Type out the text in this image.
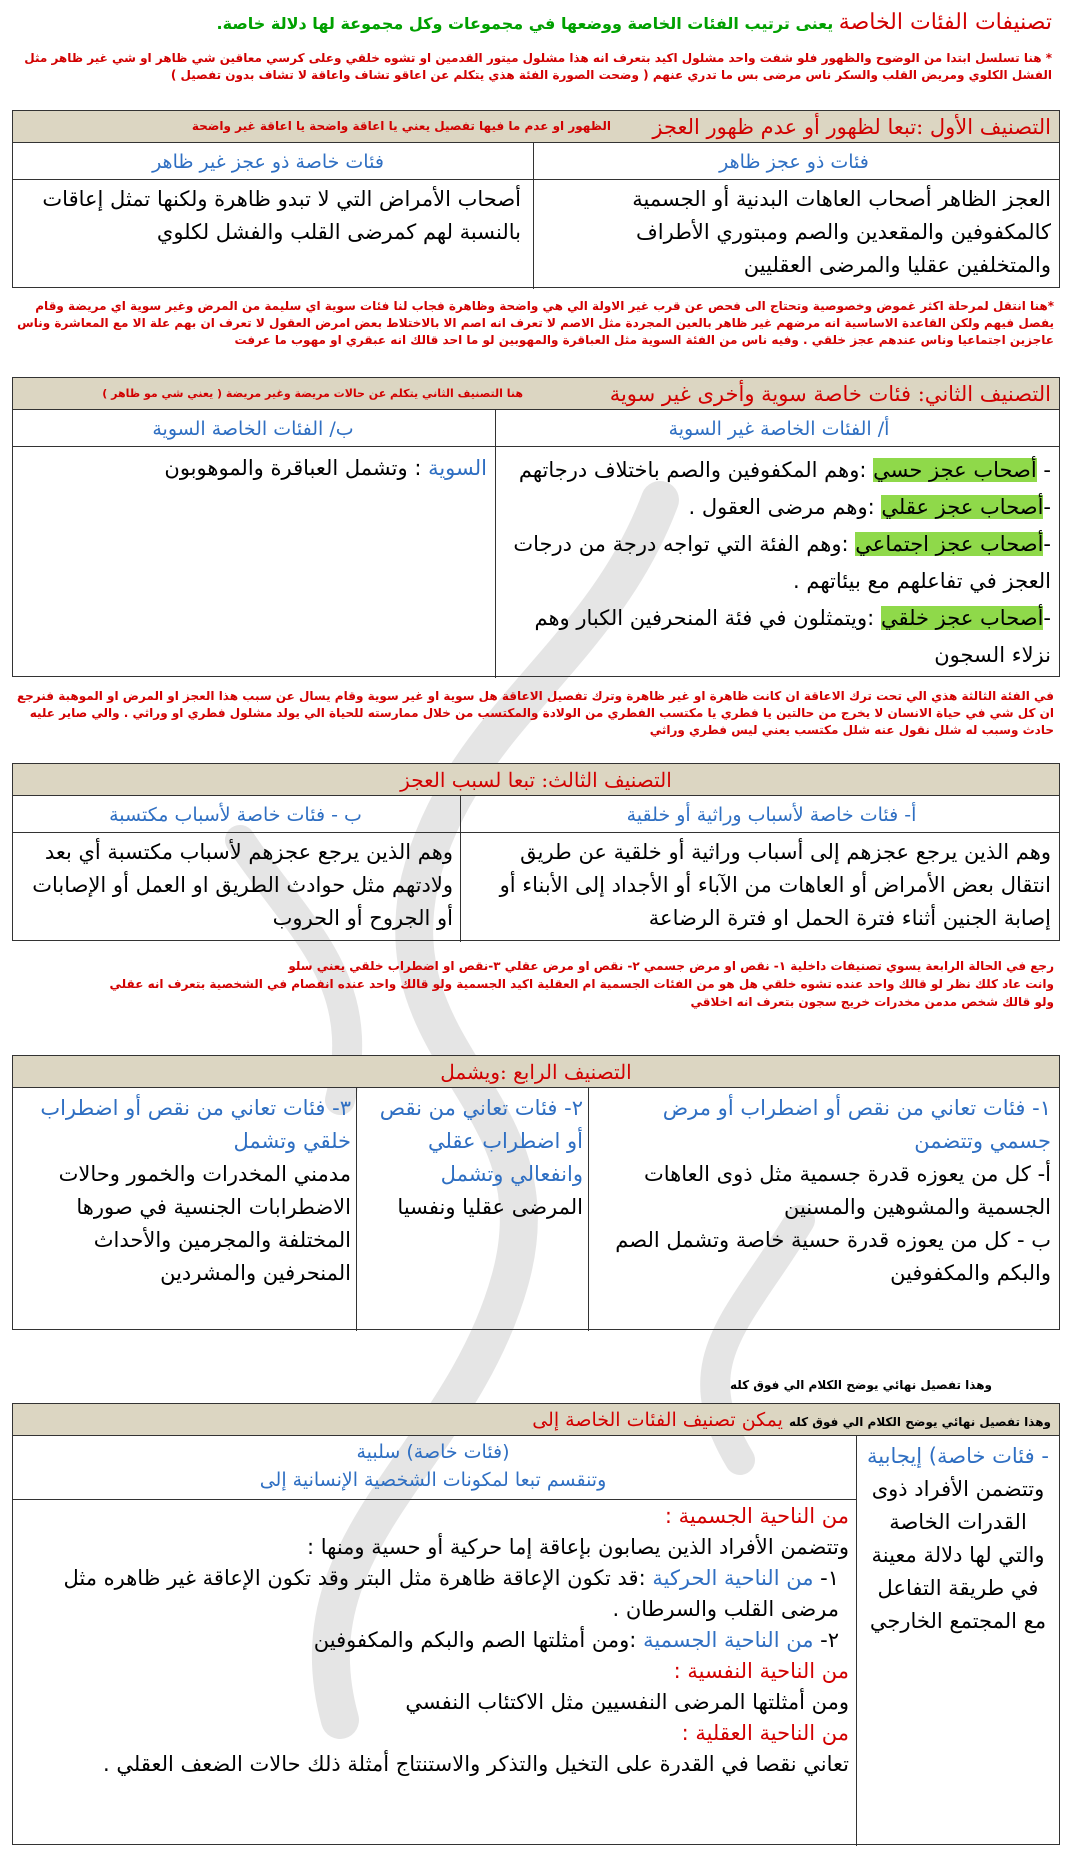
تصنيفات الفئات الخاصة يعنى ترتيب الفئات الخاصة ووضعها في مجموعات وكل مجموعة لها دلالة خاصة.
* هنا تسلسل ابتدا من الوضوح والظهور فلو شفت واحد مشلول اكيد بتعرف انه هذا مشلول ميتور القدمين او تشوه خلقي وعلى كرسي معاقين شي ظاهر او شي غير ظاهر مثل الفشل الكلوي ومريض القلب والسكر ناس مرضى بس ما تدري عنهم ( وضحت الصورة الفئة هذي يتكلم عن اعاقو تشاف واعاقة لا تشاف بدون تفصيل )
التصنيف الأول :تبعا لظهور أو عدم ظهور العجز
الظهور او عدم ما فيها تفصيل يعني يا اعاقة واضحة يا اعاقة غير واضحة
فئات ذو عجز ظاهر
فئات خاصة ذو عجز غير ظاهر
العجز الظاهر أصحاب العاهات البدنية أو الجسمية كالمكفوفين والمقعدين والصم ومبتوري الأطراف والمتخلفين عقليا والمرضى العقليين
أصحاب الأمراض التي لا تبدو ظاهرة ولكنها تمثل إعاقات بالنسبة لهم كمرضى القلب والفشل لكلوي
*هنا انتقل لمرحلة اكثر غموض وخصوصية وتحتاج الى فحص عن قرب غير الاولة الي هي واضحة وظاهرة فجاب لنا فئات سوية اي سليمة من المرض وغير سوية اي مريضة وقام يفصل فيهم ولكن القاعدة الاساسية انه مرضهم غير ظاهر بالعين المجردة مثل الاصم لا تعرف انه اصم الا بالاختلاط بعض امرض العقول لا تعرف ان بهم علة الا مع المعاشرة وناس عاجزين اجتماعيا وناس عندهم عجز خلقي . وفيه ناس من الفئة السوية مثل العباقرة والمهوبين لو ما احد قالك انه عبقري او مهوب ما عرفت
التصنيف الثاني: فئات خاصة سوية وأخرى غير سوية
هنا التصنيف الثاني يتكلم عن حالات مريضة وغير مريضة ( يعني شي مو ظاهر )
أ/ الفئات الخاصة غير السوية
ب/ الفئات الخاصة السوية
- أصحاب عجز حسي :وهم المكفوفين والصم باختلاف درجاتهم
-أصحاب عجز عقلي :وهم مرضى العقول .
-أصحاب عجز اجتماعي :وهم الفئة التي تواجه درجة من درجات العجز في تفاعلهم مع بيئاتهم .
-أصحاب عجز خلقي :ويتمثلون في فئة المنحرفين الكبار وهم نزلاء السجون
السوية : وتشمل العباقرة والموهوبون
في الفئة الثالثة هذي الي تحت ترك الاعاقة ان كانت ظاهرة او غير ظاهرة وترك تفصيل الاعاقة هل سوية او غير سوية وقام يسال عن سبب هذا العجز او المرض او الموهبة فنرجع ان كل شي في حياة الانسان لا يخرج من حالتين يا فطري يا مكتسب الفطري من الولادة والمكتسب من خلال ممارسته للحياة الي يولد مشلول فطري او وراثي . والي صاير عليه حادث وسبب له شلل نقول عنه شلل مكتسب يعني ليس فطري وراثي
التصنيف الثالث: تبعا لسبب العجز
أ- فئات خاصة لأسباب وراثية أو خلقية
ب - فئات خاصة لأسباب مكتسبة
وهم الذين يرجع عجزهم إلى أسباب وراثية أو خلقية عن طريق انتقال بعض الأمراض أو العاهات من الآباء أو الأجداد إلى الأبناء أو إصابة الجنين أثناء فترة الحمل او فترة الرضاعة
وهم الذين يرجع عجزهم لأسباب مكتسبة أي بعد ولادتهم مثل حوادث الطريق او العمل أو الإصابات أو الجروح أو الحروب
رجع في الحالة الرابعة يسوي تصنيفات داخلية ١- نقص او مرض جسمي ٢- نقص او مرض عقلي ٣-نقص او اضطراب خلقي يعني سلو
وانت عاد كلك نظر لو قالك واحد عنده تشوه خلقي هل هو من الفئات الجسمية ام العقلية اكيد الجسمية ولو قالك واحد عنده انفصام في الشخصية بتعرف انه عقلي
ولو قالك شخص مدمن مخدرات خريج سجون بتعرف انه اخلاقي
التصنيف الرابع :ويشمل
١- فئات تعاني من نقص أو اضطراب أو مرض جسمي وتتضمن
أ- كل من يعوزه قدرة جسمية مثل ذوى العاهات الجسمية والمشوهين والمسنين
ب - كل من يعوزه قدرة حسية خاصة وتشمل الصم والبكم والمكفوفين
٢- فئات تعاني من نقص أو اضطراب عقلي وانفعالي وتشمل
المرضى عقليا ونفسيا
٣- فئات تعاني من نقص أو اضطراب خلقي وتشمل
مدمني المخدرات والخمور وحالات الاضطرابات الجنسية في صورها المختلفة والمجرمين والأحداث المنحرفين والمشردين
وهذا تفصيل نهائي يوضح الكلام الي فوق كله
وهذا تفصيل نهائي يوضح الكلام الي فوق كله يمكن تصنيف الفئات الخاصة إلى
- فئات خاصة) إيجابية
وتتضمن الأفراد ذوى القدرات الخاصة والتي لها دلالة معينة في طريقة التفاعل مع المجتمع الخارجي
(فئات خاصة) سلبية
وتنقسم تبعا لمكونات الشخصية الإنسانية إلى
من الناحية الجسمية :
وتتضمن الأفراد الذين يصابون بإعاقة إما حركية أو حسية ومنها :
١- من الناحية الحركية :قد تكون الإعاقة ظاهرة مثل البتر وقد تكون الإعاقة غير ظاهره مثل مرضى القلب والسرطان .
٢- من الناحية الجسمية :ومن أمثلتها الصم والبكم والمكفوفين
من الناحية النفسية :
ومن أمثلتها المرضى النفسيين مثل الاكتئاب النفسي
من الناحية العقلية :
تعاني نقصا في القدرة على التخيل والتذكر والاستنتاج أمثلة ذلك حالات الضعف العقلي .
